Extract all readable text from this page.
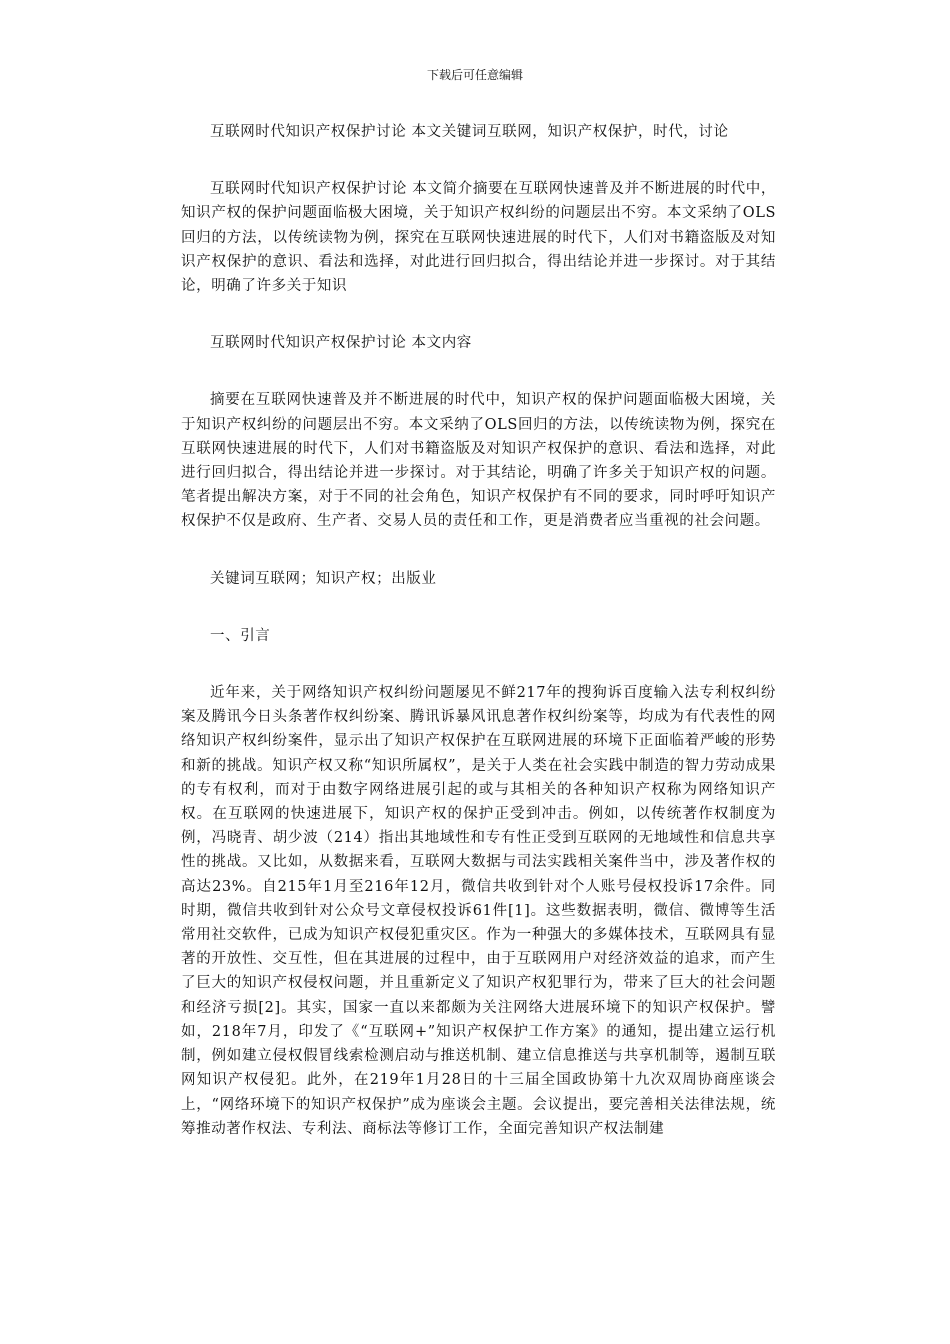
下载后可任意编辑

互联网时代知识产权保护讨论 本文关键词互联网，知识产权保护，时代，讨论

互联网时代知识产权保护讨论 本文简介摘要在互联网快速普及并不断进展的时代中，知识产权的保护问题面临极大困境，关于知识产权纠纷的问题层出不穷。本文采纳了OLS回归的方法，以传统读物为例，探究在互联网快速进展的时代下，人们对书籍盗版及对知识产权保护的意识、看法和选择，对此进行回归拟合，得出结论并进一步探讨。对于其结论，明确了许多关于知识

互联网时代知识产权保护讨论 本文内容

摘要在互联网快速普及并不断进展的时代中，知识产权的保护问题面临极大困境，关于知识产权纠纷的问题层出不穷。本文采纳了OLS回归的方法，以传统读物为例，探究在互联网快速进展的时代下，人们对书籍盗版及对知识产权保护的意识、看法和选择，对此进行回归拟合，得出结论并进一步探讨。对于其结论，明确了许多关于知识产权的问题。笔者提出解决方案，对于不同的社会角色，知识产权保护有不同的要求，同时呼吁知识产权保护不仅是政府、生产者、交易人员的责任和工作，更是消费者应当重视的社会问题。

关键词互联网；知识产权；出版业

一、引言

近年来，关于网络知识产权纠纷问题屡见不鲜217年的搜狗诉百度输入法专利权纠纷案及腾讯今日头条著作权纠纷案、腾讯诉暴风讯息著作权纠纷案等，均成为有代表性的网络知识产权纠纷案件，显示出了知识产权保护在互联网进展的环境下正面临着严峻的形势和新的挑战。知识产权又称“知识所属权”，是关于人类在社会实践中制造的智力劳动成果的专有权利，而对于由数字网络进展引起的或与其相关的各种知识产权称为网络知识产权。在互联网的快速进展下，知识产权的保护正受到冲击。例如，以传统著作权制度为例，冯晓青、胡少波（214）指出其地域性和专有性正受到互联网的无地域性和信息共享性的挑战。又比如，从数据来看，互联网大数据与司法实践相关案件当中，涉及著作权的高达23%。自215年1月至216年12月，微信共收到针对个人账号侵权投诉17余件。同时期，微信共收到针对公众号文章侵权投诉61件[1]。这些数据表明，微信、微博等生活常用社交软件，已成为知识产权侵犯重灾区。作为一种强大的多媒体技术，互联网具有显著的开放性、交互性，但在其进展的过程中，由于互联网用户对经济效益的追求，而产生了巨大的知识产权侵权问题，并且重新定义了知识产权犯罪行为，带来了巨大的社会问题和经济亏损[2]。其实，国家一直以来都颇为关注网络大进展环境下的知识产权保护。譬如，218年7月，印发了《“互联网+”知识产权保护工作方案》的通知，提出建立运行机制，例如建立侵权假冒线索检测启动与推送机制、建立信息推送与共享机制等，遏制互联网知识产权侵犯。此外，在219年1月28日的十三届全国政协第十九次双周协商座谈会上，“网络环境下的知识产权保护”成为座谈会主题。会议提出，要完善相关法律法规，统筹推动著作权法、专利法、商标法等修订工作，全面完善知识产权法制建
